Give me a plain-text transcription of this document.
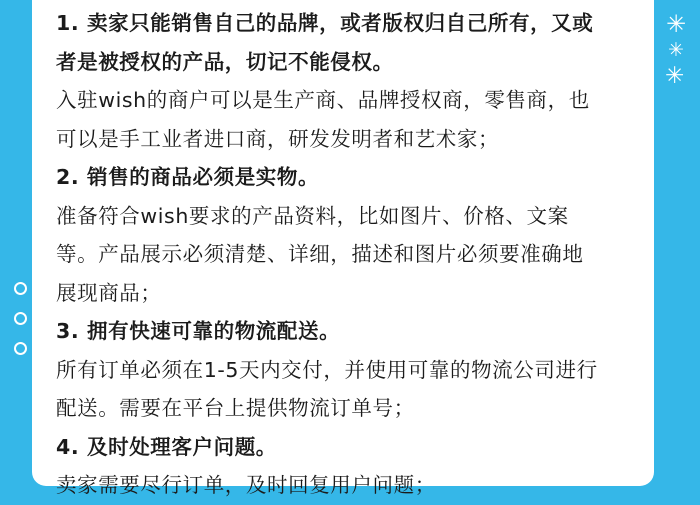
✳
✳
✳
1. 卖家只能销售自己的品牌，或者版权归自己所有，又或
者是被授权的产品，切记不能侵权。
入驻wish的商户可以是生产商、品牌授权商，零售商，也
可以是手工业者进口商，研发发明者和艺术家；
2. 销售的商品必须是实物。
准备符合wish要求的产品资料，比如图片、价格、文案
等。产品展示必须清楚、详细，描述和图片必须要准确地
展现商品；
3. 拥有快速可靠的物流配送。
所有订单必须在1-5天内交付，并使用可靠的物流公司进行
配送。需要在平台上提供物流订单号；
4. 及时处理客户问题。
卖家需要尽行订单，及时回复用户问题；
